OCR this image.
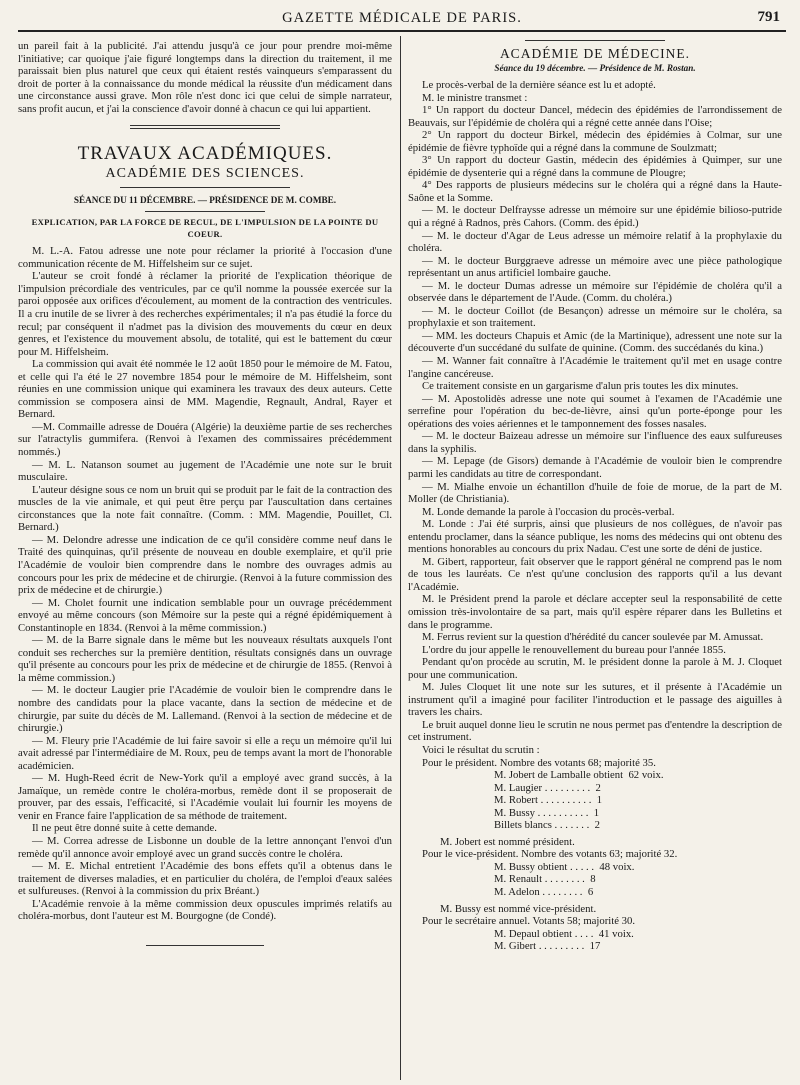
GAZETTE MÉDICALE DE PARIS.	791

un pareil fait à la publicité. J'ai attendu jusqu'à ce jour pour prendre moi-même l'initiative; car quoique j'aie figuré longtemps dans la direction du traitement, il me paraissait bien plus naturel que ceux qui étaient restés vainqueurs s'emparassent du droit de porter à la connaissance du monde médical la réussite d'un médicament dans une circonstance aussi grave. Mon rôle n'est donc ici que celui de simple narrateur, sans profit aucun, et j'ai la conscience d'avoir donné à chacun ce qui lui appartient.

TRAVAUX ACADÉMIQUES.
ACADÉMIE DES SCIENCES.
SÉANCE DU 11 DÉCEMBRE. — PRÉSIDENCE DE M. COMBE.
EXPLICATION, PAR LA FORCE DE RECUL, DE L'IMPULSION DE LA POINTE DU COEUR.

M. L.-A. Fatou adresse une note pour réclamer la priorité à l'occasion d'une communication récente de M. Hiffelsheim sur ce sujet.

L'auteur se croit fondé à réclamer la priorité de l'explication théorique de l'impulsion précordiale des ventricules, par ce qu'il nomme la poussée exercée sur la paroi opposée aux orifices d'écoulement, au moment de la contraction des ventricules. Il a cru inutile de se livrer à des recherches expérimentales; il n'a pas étudié la force du recul; par conséquent il n'admet pas la division des mouvements du cœur en deux genres, et l'existence du mouvement absolu, de totalité, qui est le battement du cœur pour M. Hiffelsheim.

La commission qui avait été nommée le 12 août 1850 pour le mémoire de M. Fatou, et celle qui l'a été le 27 novembre 1854 pour le mémoire de M. Hiffelsheim, sont réunies en une commission unique qui examinera les travaux des deux auteurs. Cette commission se composera ainsi de MM. Magendie, Regnault, Andral, Rayer et Bernard.

—M. Commaille adresse de Douéra (Algérie) la deuxième partie de ses recherches sur l'atractylis gummifera. (Renvoi à l'examen des commissaires précédemment nommés.)

— M. L. Natanson soumet au jugement de l'Académie une note sur le bruit musculaire.

L'auteur désigne sous ce nom un bruit qui se produit par le fait de la contraction des muscles de la vie animale, et qui peut être perçu par l'auscultation dans certaines circonstances que la note fait connaître. (Comm. : MM. Magendie, Pouillet, Cl. Bernard.)

— M. Delondre adresse une indication de ce qu'il considère comme neuf dans le Traité des quinquinas, qu'il présente de nouveau en double exemplaire, et qu'il prie l'Académie de vouloir bien comprendre dans le nombre des ouvrages admis au concours pour les prix de médecine et de chirurgie. (Renvoi à la future commission des prix de médecine et de chirurgie.)

— M. Cholet fournit une indication semblable pour un ouvrage précédemment envoyé au même concours (son Mémoire sur la peste qui a régné épidémiquement à Constantinople en 1834. (Renvoi à la même commission.)

— M. de la Barre signale dans le même but les nouveaux résultats auxquels l'ont conduit ses recherches sur la première dentition, résultats consignés dans un ouvrage qu'il présente au concours pour les prix de médecine et de chirurgie de 1855. (Renvoi à la même commission.)

— M. le docteur Laugier prie l'Académie de vouloir bien le comprendre dans le nombre des candidats pour la place vacante, dans la section de médecine et de chirurgie, par suite du décès de M. Lallemand. (Renvoi à la section de médecine et de chirurgie.)

— M. Fleury prie l'Académie de lui faire savoir si elle a reçu un mémoire qu'il lui avait adressé par l'intermédiaire de M. Roux, peu de temps avant la mort de l'honorable académicien.

— M. Hugh-Reed écrit de New-York qu'il a employé avec grand succès, à la Jamaïque, un remède contre le choléra-morbus, remède dont il se proposerait de prouver, par des essais, l'efficacité, si l'Académie voulait lui fournir les moyens de venir en France faire l'application de sa méthode de traitement.

Il ne peut être donné suite à cette demande.

— M. Correa adresse de Lisbonne un double de la lettre annonçant l'envoi d'un remède qu'il annonce avoir employé avec un grand succès contre le choléra.

— M. E. Michal entretient l'Académie des bons effets qu'il a obtenus dans le traitement de diverses maladies, et en particulier du choléra, de l'emploi d'eaux salées et sulfureuses. (Renvoi à la commission du prix Bréant.)

L'Académie renvoie à la même commission deux opuscules imprimés relatifs au choléra-morbus, dont l'auteur est M. Bourgogne (de Condé).

ACADÉMIE DE MÉDECINE.
Séance du 19 décembre. — Présidence de M. Rostan.

Le procès-verbal de la dernière séance est lu et adopté.

M. le ministre transmet :

1° Un rapport du docteur Dancel, médecin des épidémies de l'arrondissement de Beauvais, sur l'épidémie de choléra qui a régné cette année dans l'Oise;

2° Un rapport du docteur Birkel, médecin des épidémies à Colmar, sur une épidémie de fièvre typhoïde qui a régné dans la commune de Soulzmatt;

3° Un rapport du docteur Gastin, médecin des épidémies à Quimper, sur une épidémie de dysenterie qui a régné dans la commune de Plougre;

4° Des rapports de plusieurs médecins sur le choléra qui a régné dans la Haute-Saône et la Somme.

— M. le docteur Delfraysse adresse un mémoire sur une épidémie bilioso-putride qui a régné à Radnos, près Cahors. (Comm. des épid.)

— M. le docteur d'Agar de Leus adresse un mémoire relatif à la prophylaxie du choléra.

— M. le docteur Burggraeve adresse un mémoire avec une pièce pathologique représentant un anus artificiel lombaire gauche.

— M. le docteur Dumas adresse un mémoire sur l'épidémie de choléra qu'il a observée dans le département de l'Aude. (Comm. du choléra.)

— M. le docteur Coillot (de Besançon) adresse un mémoire sur le choléra, sa prophylaxie et son traitement.

— MM. les docteurs Chapuis et Amic (de la Martinique), adressent une note sur la découverte d'un succédané du sulfate de quinine. (Comm. des succédanés du kina.)

— M. Wanner fait connaître à l'Académie le traitement qu'il met en usage contre l'angine cancéreuse.

Ce traitement consiste en un gargarisme d'alun pris toutes les dix minutes.

— M. Apostolidès adresse une note qui soumet à l'examen de l'Académie une serrefine pour l'opération du bec-de-lièvre, ainsi qu'un porte-éponge pour les opérations des voies aériennes et le tamponnement des fosses nasales.

— M. le docteur Baizeau adresse un mémoire sur l'influence des eaux sulfureuses dans la syphilis.

— M. Lepage (de Gisors) demande à l'Académie de vouloir bien le comprendre parmi les candidats au titre de correspondant.

— M. Mialhe envoie un échantillon d'huile de foie de morue, de la part de M. Moller (de Christiania).

M. Londe demande la parole à l'occasion du procès-verbal.

M. Londe : J'ai été surpris, ainsi que plusieurs de nos collègues, de n'avoir pas entendu proclamer, dans la séance publique, les noms des médecins qui ont obtenu des mentions honorables au concours du prix Nadau. C'est une sorte de déni de justice.

M. Gibert, rapporteur, fait observer que le rapport général ne comprend pas le nom de tous les lauréats. Ce n'est qu'une conclusion des rapports qu'il a lus devant l'Académie.

M. le Président prend la parole et déclare accepter seul la responsabilité de cette omission très-involontaire de sa part, mais qu'il espère réparer dans les Bulletins et dans le programme.

M. Ferrus revient sur la question d'hérédité du cancer soulevée par M. Amussat.

L'ordre du jour appelle le renouvellement du bureau pour l'année 1855.

Pendant qu'on procède au scrutin, M. le président donne la parole à M. J. Cloquet pour une communication.

M. Jules Cloquet lit une note sur les sutures, et il présente à l'Académie un instrument qu'il a imaginé pour faciliter l'introduction et le passage des aiguilles à travers les chairs.

Le bruit auquel donne lieu le scrutin ne nous permet pas d'entendre la description de cet instrument.

Voici le résultat du scrutin :

Pour le président. Nombre des votants 68; majorité 35.

M. Jobert de Lamballe obtient 62 voix.
M. Laugier . . . . . . . . . 2
M. Robert . . . . . . . . . . 1
M. Bussy . . . . . . . . . . 1
Billets blancs . . . . . . . 2

M. Jobert est nommé président.

Pour le vice-président. Nombre des votants 63; majorité 32.

M. Bussy obtient . . . . . 48 voix.
M. Renault . . . . . . . . 8
M. Adelon . . . . . . . . 6

M. Bussy est nommé vice-président.

Pour le secrétaire annuel. Votants 58; majorité 30.

M. Depaul obtient . . . . 41 voix.
M. Gibert . . . . . . . . . 17
